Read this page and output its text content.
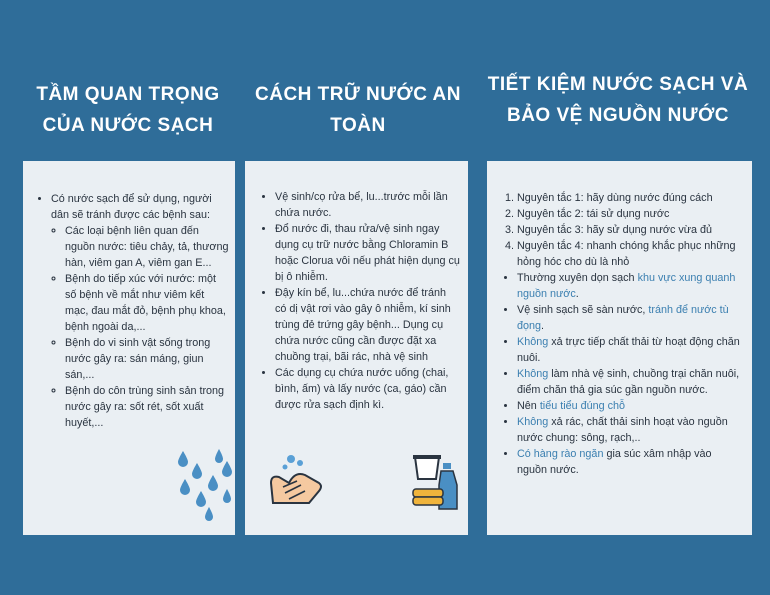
TẦM QUAN TRỌNG CỦA NƯỚC SẠCH
CÁCH TRỮ NƯỚC AN TOÀN
TIẾT KIỆM NƯỚC SẠCH VÀ BẢO VỆ NGUỒN NƯỚC
• Có nước sạch để sử dụng, người dân sẽ tránh được các bệnh sau:
◦ Các loại bệnh liên quan đến nguồn nước: tiêu chảy, tả, thương hàn, viêm gan A, viêm gan E...
◦ Bệnh do tiếp xúc với nước: một số bệnh về mắt như viêm kết mạc, đau mắt đỏ, bệnh phụ khoa, bệnh ngoài da,...
◦ Bệnh do vi sinh vật sống trong nước gây ra: sán máng, giun sán,...
◦ Bệnh do côn trùng sinh sản trong nước gây ra: sốt rét, sốt xuất huyết,...
• Vệ sinh/cọ rửa bể, lu...trước mỗi lần chứa nước.
• Đổ nước đi, thau rửa/vệ sinh ngay dụng cụ trữ nước bằng Chloramin B hoặc Clorua vôi nếu phát hiện dụng cụ bị ô nhiễm.
• Đậy kín bể, lu...chứa nước để tránh có dị vật rơi vào gây ô nhiễm, kí sinh trùng đẻ trứng gây bệnh... Dụng cụ chứa nước cũng cần được đặt xa chuồng trại, bãi rác, nhà vệ sinh
• Các dụng cụ chứa nước uống (chai, bình, ấm) và lấy nước (ca, gáo) cần được rửa sạch định kì.
1. Nguyên tắc 1: hãy dùng nước đúng cách
2. Nguyên tắc 2: tái sử dụng nước
3. Nguyên tắc 3: hãy sử dụng nước vừa đủ
4. Nguyên tắc 4: nhanh chóng khắc phục những hỏng hóc cho dù là nhỏ
• Thường xuyên dọn sạch khu vực xung quanh nguồn nước.
• Vệ sinh sạch sẽ sàn nước, tránh để nước tù đọng.
• Không xả trực tiếp chất thải từ hoạt động chăn nuôi.
• Không làm nhà vệ sinh, chuồng trại chăn nuôi, điểm chăn thả gia súc gần nguồn nước.
• Nên tiểu tiểu đúng chỗ
• Không xả rác, chất thải sinh hoạt vào nguồn nước chung: sông, rạch,..
• Có hàng rào ngăn gia súc xâm nhập vào nguồn nước.
